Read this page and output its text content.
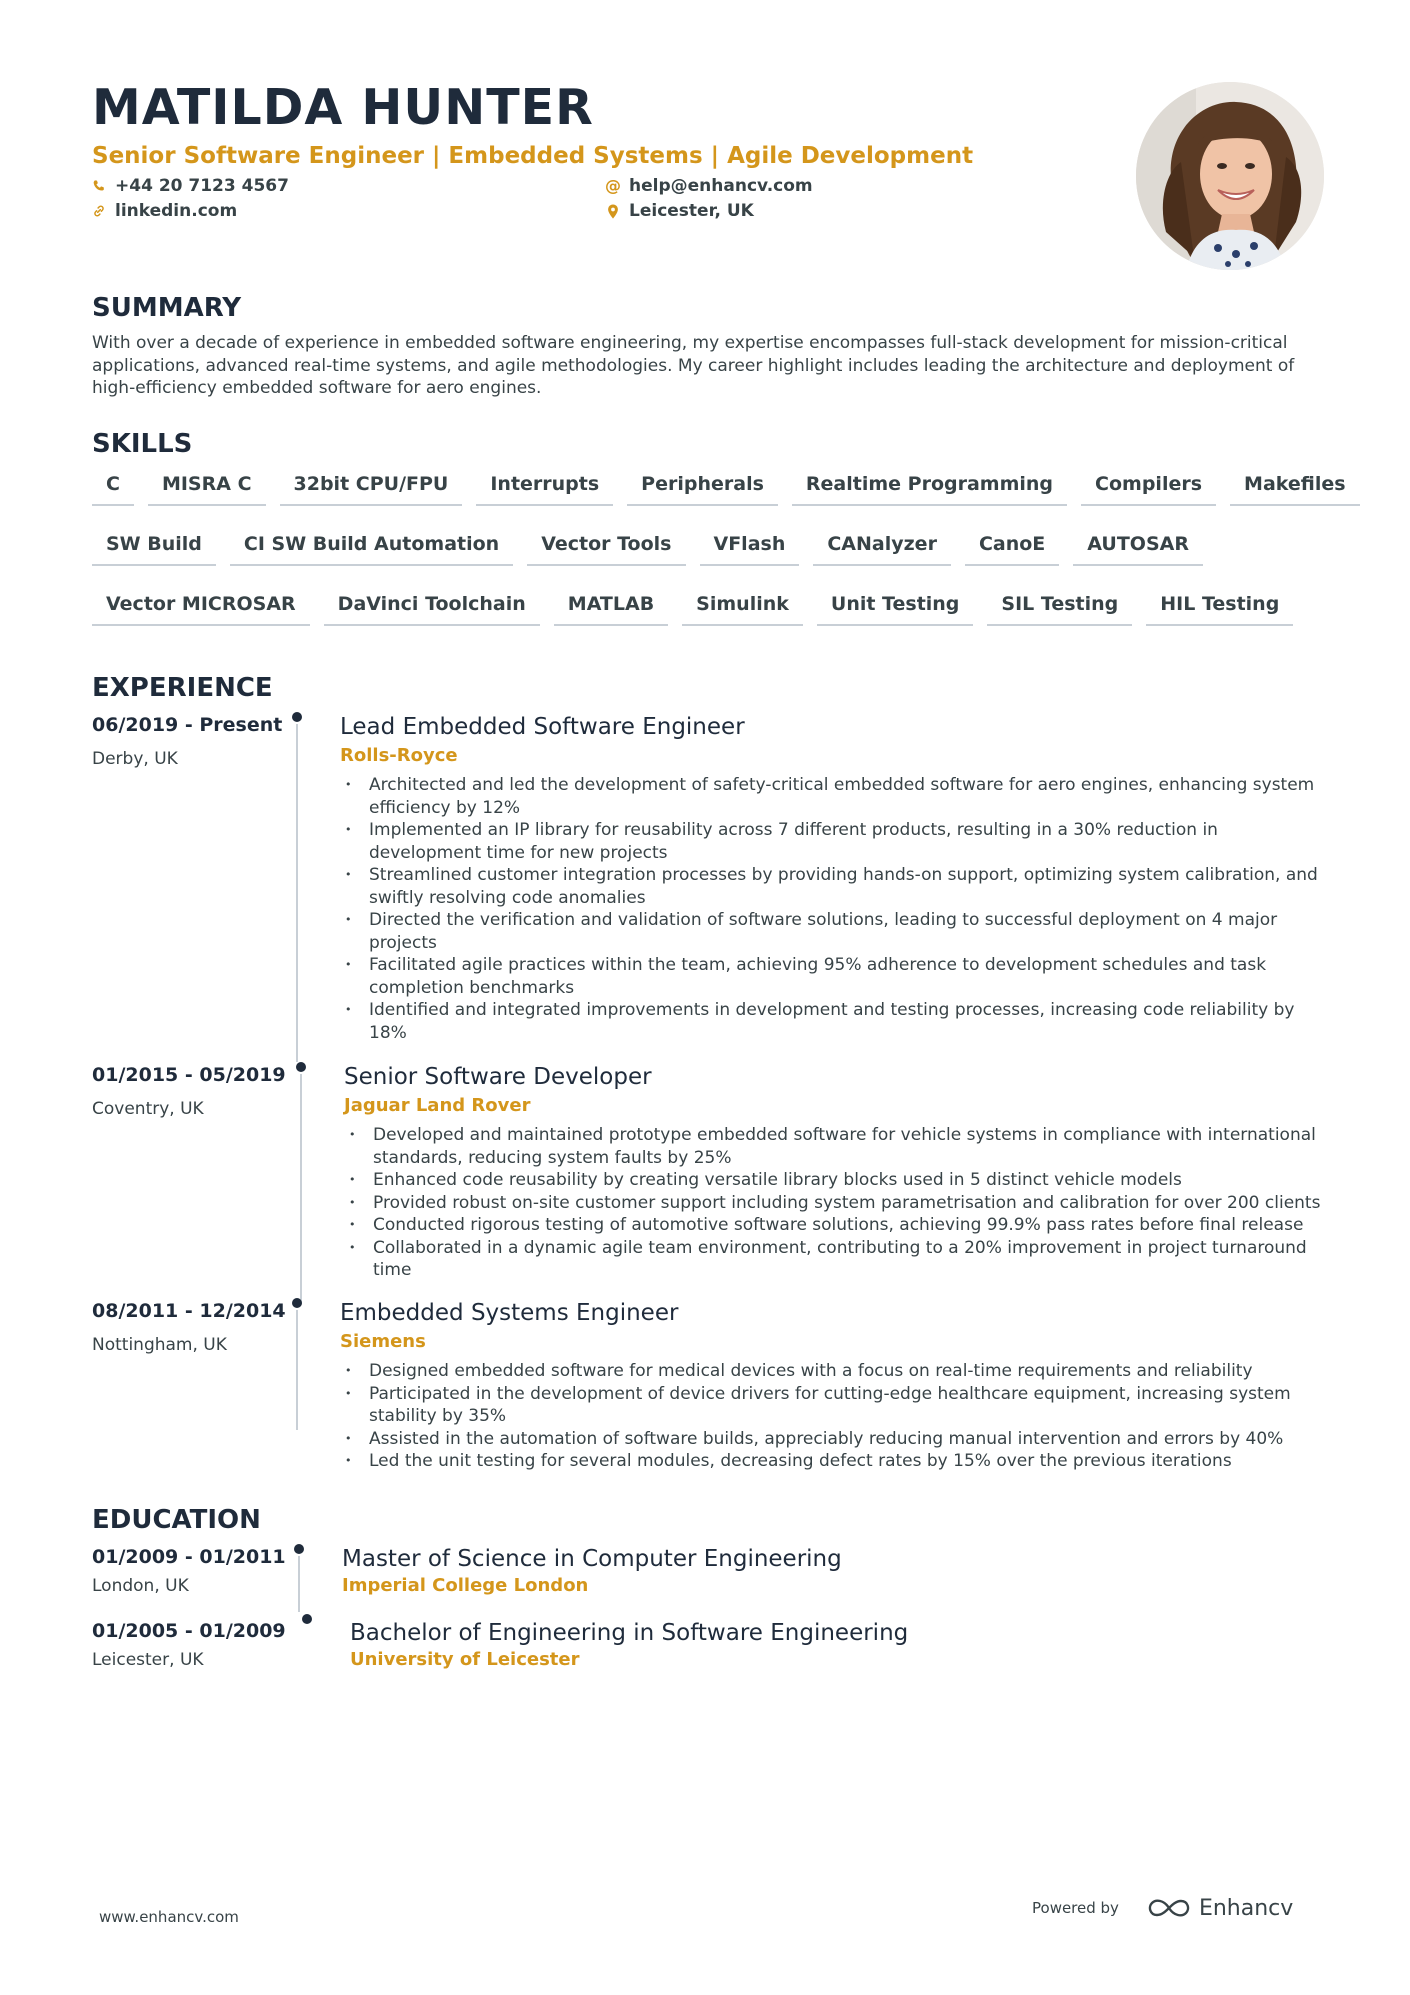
MATILDA HUNTER
Senior Software Engineer | Embedded Systems | Agile Development
+44 20 7123 4567	@ help@enhancv.com
linkedin.com	Leicester, UK
SUMMARY
With over a decade of experience in embedded software engineering, my expertise encompasses full-stack development for mission-critical applications, advanced real-time systems, and agile methodologies. My career highlight includes leading the architecture and deployment of high-efficiency embedded software for aero engines.
SKILLS
C	MISRA C	32bit CPU/FPU	Interrupts	Peripherals	Realtime Programming	Compilers	Makefiles
SW Build	CI SW Build Automation	Vector Tools	VFlash	CANalyzer	CanoE	AUTOSAR
Vector MICROSAR	DaVinci Toolchain	MATLAB	Simulink	Unit Testing	SIL Testing	HIL Testing
EXPERIENCE
06/2019 - Present
Derby, UK
Lead Embedded Software Engineer
Rolls-Royce
• Architected and led the development of safety-critical embedded software for aero engines, enhancing system efficiency by 12%
• Implemented an IP library for reusability across 7 different products, resulting in a 30% reduction in development time for new projects
• Streamlined customer integration processes by providing hands-on support, optimizing system calibration, and swiftly resolving code anomalies
• Directed the verification and validation of software solutions, leading to successful deployment on 4 major projects
• Facilitated agile practices within the team, achieving 95% adherence to development schedules and task completion benchmarks
• Identified and integrated improvements in development and testing processes, increasing code reliability by 18%
01/2015 - 05/2019
Coventry, UK
Senior Software Developer
Jaguar Land Rover
• Developed and maintained prototype embedded software for vehicle systems in compliance with international standards, reducing system faults by 25%
• Enhanced code reusability by creating versatile library blocks used in 5 distinct vehicle models
• Provided robust on-site customer support including system parametrisation and calibration for over 200 clients
• Conducted rigorous testing of automotive software solutions, achieving 99.9% pass rates before final release
• Collaborated in a dynamic agile team environment, contributing to a 20% improvement in project turnaround time
08/2011 - 12/2014
Nottingham, UK
Embedded Systems Engineer
Siemens
• Designed embedded software for medical devices with a focus on real-time requirements and reliability
• Participated in the development of device drivers for cutting-edge healthcare equipment, increasing system stability by 35%
• Assisted in the automation of software builds, appreciably reducing manual intervention and errors by 40%
• Led the unit testing for several modules, decreasing defect rates by 15% over the previous iterations
EDUCATION
01/2009 - 01/2011
London, UK
Master of Science in Computer Engineering
Imperial College London
01/2005 - 01/2009
Leicester, UK
Bachelor of Engineering in Software Engineering
University of Leicester
www.enhancv.com	Powered by	Enhancv
